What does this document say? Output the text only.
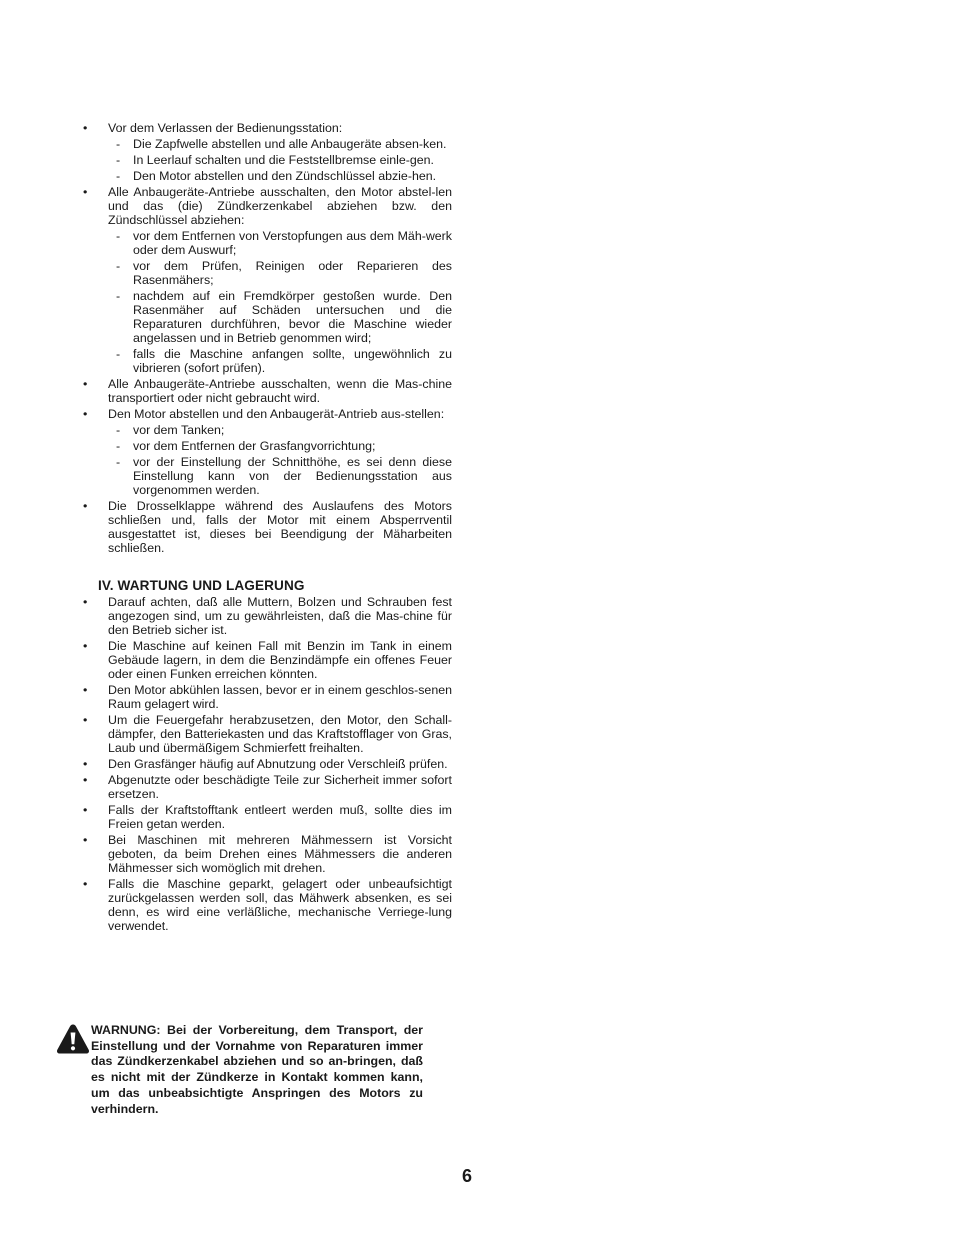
• Vor dem Verlassen der Bedienungsstation:
- Die Zapfwelle abstellen und alle Anbaugeräte absen-ken.
- In Leerlauf schalten und die Feststellbremse einle-gen.
- Den Motor abstellen und den Zündschlüssel abzie-hen.
• Alle Anbaugeräte-Antriebe ausschalten, den Motor abstel-len und das (die) Zündkerzenkabel abziehen bzw. den Zündschlüssel abziehen:
- vor dem Entfernen von Verstopfungen aus dem Mäh-werk oder dem Auswurf;
- vor dem Prüfen, Reinigen oder Reparieren des Rasenmähers;
- nachdem auf ein Fremdkörper gestoßen wurde. Den Rasenmäher auf Schäden untersuchen und die Reparaturen durchführen, bevor die Maschine wieder angelassen und in Betrieb genommen wird;
- falls die Maschine anfangen sollte, ungewöhnlich zu vibrieren (sofort prüfen).
• Alle Anbaugeräte-Antriebe ausschalten, wenn die Mas-chine transportiert oder nicht gebraucht wird.
• Den Motor abstellen und den Anbaugerät-Antrieb aus-stellen:
- vor dem Tanken;
- vor dem Entfernen der Grasfangvorrichtung;
- vor der Einstellung der Schnitthöhe, es sei denn diese Einstellung kann von der Bedienungsstation aus vorgenommen werden.
• Die Drosselklappe während des Auslaufens des Motors schließen und, falls der Motor mit einem Absperrventil ausgestattet ist, dieses bei Beendigung der Mäharbeiten schließen.
IV. WARTUNG UND LAGERUNG
• Darauf achten, daß alle Muttern, Bolzen und Schrauben fest angezogen sind, um zu gewährleisten, daß die Mas-chine für den Betrieb sicher ist.
• Die Maschine auf keinen Fall mit Benzin im Tank in einem Gebäude lagern, in dem die Benzindämpfe ein offenes Feuer oder einen Funken erreichen könnten.
• Den Motor abkühlen lassen, bevor er in einem geschlos-senen Raum gelagert wird.
• Um die Feuergefahr herabzusetzen, den Motor, den Schall-dämpfer, den Batteriekasten und das Kraftstofflager von Gras, Laub und übermäßigem Schmierfett freihalten.
• Den Grasfänger häufig auf Abnutzung oder Verschleiß prüfen.
• Abgenutzte oder beschädigte Teile zur Sicherheit immer sofort ersetzen.
• Falls der Kraftstofftank entleert werden muß, sollte dies im Freien getan werden.
• Bei Maschinen mit mehreren Mähmessern ist Vorsicht geboten, da beim Drehen eines Mähmessers die anderen Mähmesser sich womöglich mit drehen.
• Falls die Maschine geparkt, gelagert oder unbeaufsichtigt zurückgelassen werden soll, das Mähwerk absenken, es sei denn, es wird eine verläßliche, mechanische Verriege-lung verwendet.
WARNUNG: Bei der Vorbereitung, dem Transport, der Einstellung und der Vornahme von Reparaturen immer das Zündkerzenkabel abziehen und so an-bringen, daß es nicht mit der Zündkerze in Kontakt kommen kann, um das unbeabsichtigte Anspringen des Motors zu verhindern.
6
